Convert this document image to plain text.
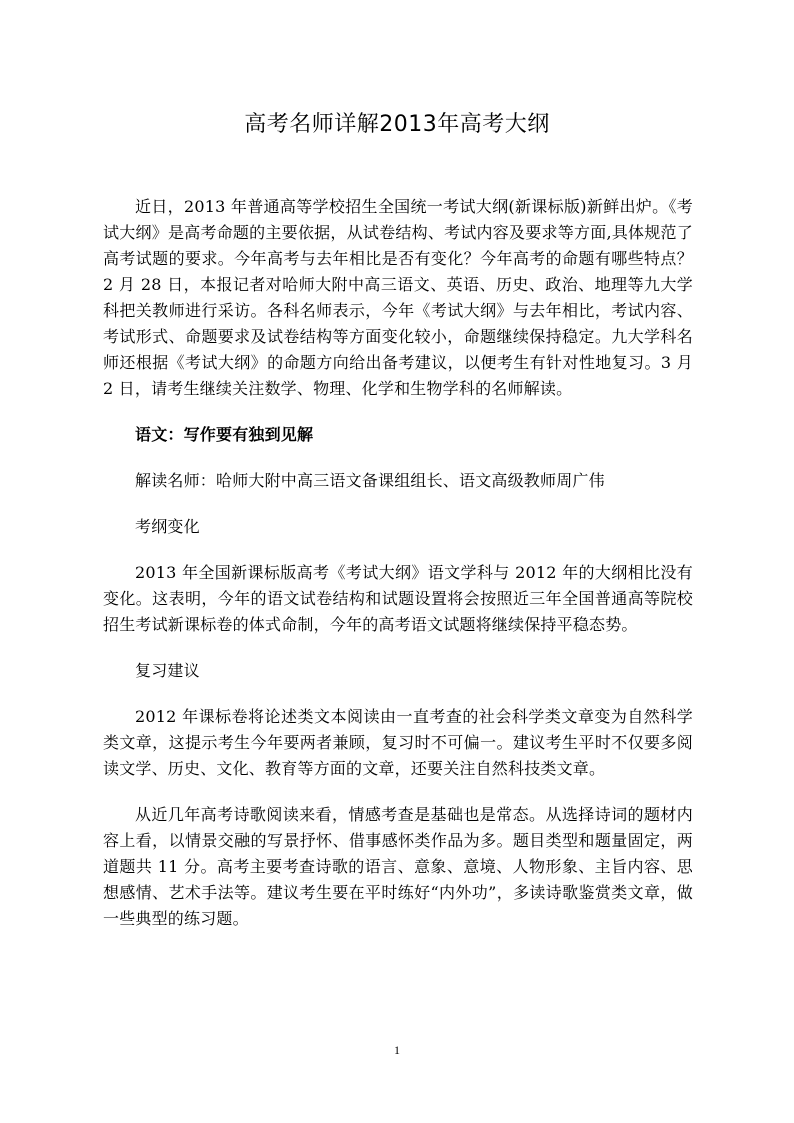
高考名师详解2013年高考大纲

近日，2013 年普通高等学校招生全国统一考试大纲(新课标版)新鲜出炉。《考试大纲》是高考命题的主要依据，从试卷结构、考试内容及要求等方面,具体规范了高考试题的要求。今年高考与去年相比是否有变化？今年高考的命题有哪些特点？2 月 28 日，本报记者对哈师大附中高三语文、英语、历史、政治、地理等九大学科把关教师进行采访。各科名师表示，今年《考试大纲》与去年相比，考试内容、考试形式、命题要求及试卷结构等方面变化较小，命题继续保持稳定。九大学科名师还根据《考试大纲》的命题方向给出备考建议，以便考生有针对性地复习。3 月 2 日，请考生继续关注数学、物理、化学和生物学科的名师解读。

语文：写作要有独到见解

解读名师：哈师大附中高三语文备课组组长、语文高级教师周广伟

考纲变化

2013 年全国新课标版高考《考试大纲》语文学科与 2012 年的大纲相比没有变化。这表明，今年的语文试卷结构和试题设置将会按照近三年全国普通高等院校招生考试新课标卷的体式命制，今年的高考语文试题将继续保持平稳态势。

复习建议

2012 年课标卷将论述类文本阅读由一直考查的社会科学类文章变为自然科学类文章，这提示考生今年要两者兼顾，复习时不可偏一。建议考生平时不仅要多阅读文学、历史、文化、教育等方面的文章，还要关注自然科技类文章。

从近几年高考诗歌阅读来看，情感考查是基础也是常态。从选择诗词的题材内容上看，以情景交融的写景抒怀、借事感怀类作品为多。题目类型和题量固定，两道题共 11 分。高考主要考查诗歌的语言、意象、意境、人物形象、主旨内容、思想感情、艺术手法等。建议考生要在平时练好“内外功”，多读诗歌鉴赏类文章，做一些典型的练习题。

1
